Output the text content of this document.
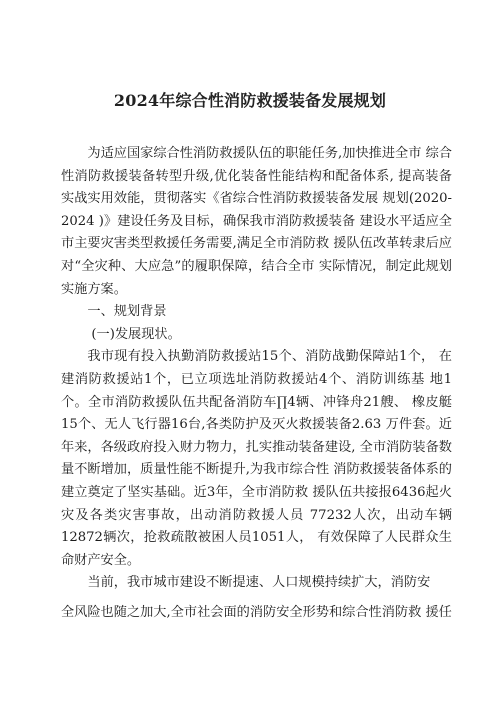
2024年综合性消防救援装备发展规划

为适应国家综合性消防救援队伍的职能任务,加快推进全市 综合性消防救援装备转型升级,优化装备性能结构和配备体系, 提高装备实战实用效能，贯彻落实《省综合性消防救援装备发展 规划(2020-2024 )》建设任务及目标，确保我市消防救援装备 建设水平适应全市主要灾害类型救援任务需要,满足全市消防救 援队伍改革转隶后应对“全灾种、大应急”的履职保障，结合全市 实际情况，制定此规划实施方案。

一、规划背景

(一)发展现状。

我市现有投入执勤消防救援站15个、消防战勤保障站1个， 在建消防救援站1个，已立项选址消防救援站4个、消防训练基 地1个。全市消防救援队伍共配备消防车∏4辆、冲锋舟21艘、 橡皮艇15个、无人飞行器16台,各类防护及灭火救援装备2.63 万件套。近年来，各级政府投入财力物力，扎实推动装备建设, 全市消防装备数量不断增加，质量性能不断提升,为我市综合性 消防救援装备体系的建立奠定了坚实基础。近3年，全市消防救 援队伍共接报6436起火灾及各类灾害事故，出动消防救援人员 77232人次，出动车辆12872辆次，抢救疏散被困人员1051人， 有效保障了人民群众生命财产安全。

当前，我市城市建设不断提速、人口规模持续扩大，消防安

全风险也随之加大,全市社会面的消防安全形势和综合性消防救 援任
